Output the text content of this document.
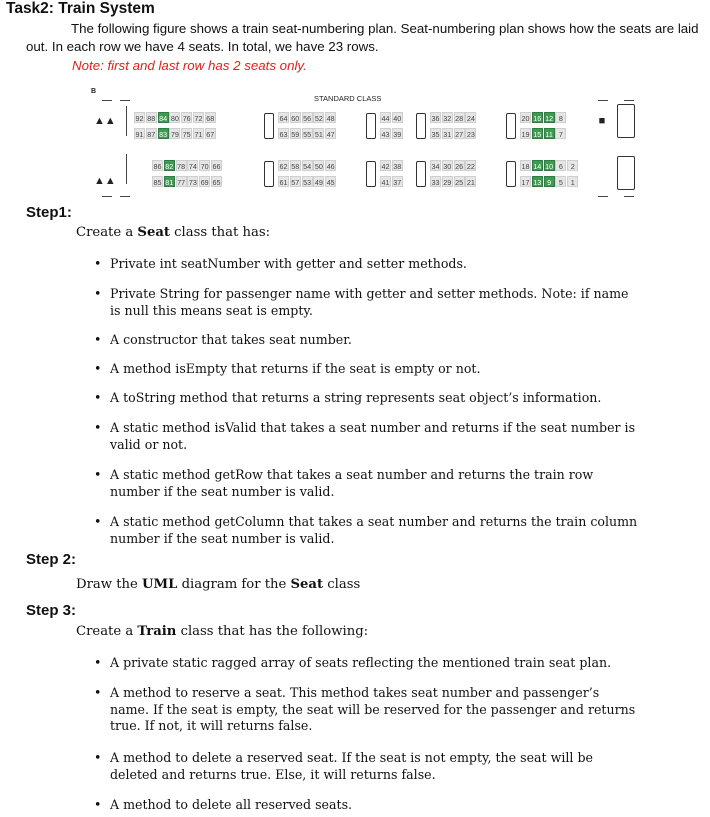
Task2: Train System
The following figure shows a train seat-numbering plan. Seat-numbering plan shows how the seats are laid out. In each row we have 4 seats. In total, we have 23 rows.
Note: first and last row has 2 seats only.
B
STANDARD CLASS
▲▲
▲▲
■
92 88 84 80 76 72 68	64 60 56 52 48	44 40	36 32 28 24	20 16 12 8
91 87 83 79 75 71 67	63 59 55 51 47	43 39	35 31 27 23	19 15 11 7
86 82 78 74 70 66	62 58 54 50 46	42 38	34 30 26 22	18 14 10 6	2
85 81 77 73 69 65	61 57 53 49 45	41 37	33 29 25 21	17 13 9	5	1
Step1:
Create a Seat class that has:
• Private int seatNumber with getter and setter methods.
• Private String for passenger name with getter and setter methods. Note: if name is null this means seat is empty.
• A constructor that takes seat number.
• A method isEmpty that returns if the seat is empty or not.
• A toString method that returns a string represents seat object’s information.
• A static method isValid that takes a seat number and returns if the seat number is valid or not.
• A static method getRow that takes a seat number and returns the train row number if the seat number is valid.
• A static method getColumn that takes a seat number and returns the train column number if the seat number is valid.
Step 2:
Draw the UML diagram for the Seat class
Step 3:
Create a Train class that has the following:
• A private static ragged array of seats reflecting the mentioned train seat plan.
• A method to reserve a seat. This method takes seat number and passenger’s name. If the seat is empty, the seat will be reserved for the passenger and returns true. If not, it will returns false.
• A method to delete a reserved seat. If the seat is not empty, the seat will be deleted and returns true. Else, it will returns false.
• A method to delete all reserved seats.
